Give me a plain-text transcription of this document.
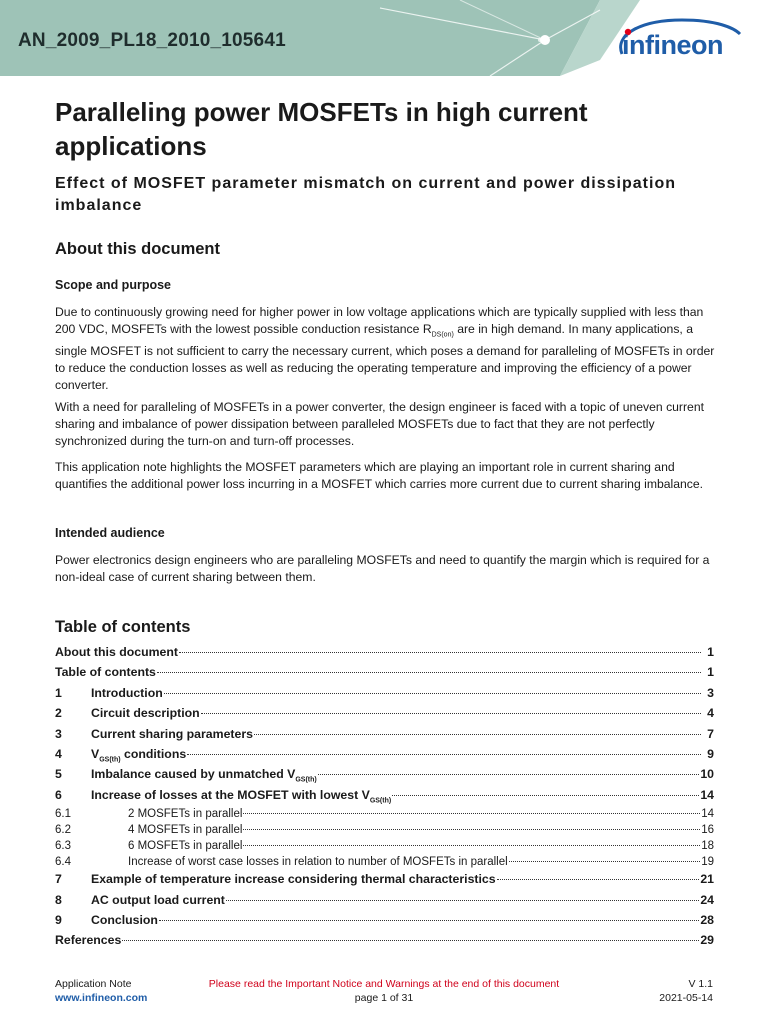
AN_2009_PL18_2010_105641	infineon
Paralleling power MOSFETs in high current applications
Effect of MOSFET parameter mismatch on current and power dissipation imbalance
About this document
Scope and purpose
Due to continuously growing need for higher power in low voltage applications which are typically supplied with less than 200 VDC, MOSFETs with the lowest possible conduction resistance $R_{DS(on)}$ are in high demand. In many applications, a single MOSFET is not sufficient to carry the necessary current, which poses a demand for paralleling of MOSFETs in order to reduce the conduction losses as well as reducing the operating temperature and improving the efficiency of a power converter.
With a need for paralleling of MOSFETs in a power converter, the design engineer is faced with a topic of uneven current sharing and imbalance of power dissipation between paralleled MOSFETs due to fact that they are not perfectly synchronized during the turn-on and turn-off processes.
This application note highlights the MOSFET parameters which are playing an important role in current sharing and quantifies the additional power loss incurring in a MOSFET which carries more current due to current sharing imbalance.
Intended audience
Power electronics design engineers who are paralleling MOSFETs and need to quantify the margin which is required for a non-ideal case of current sharing between them.
Table of contents
About this document	1
Table of contents	1
1	Introduction	3
2	Circuit description	4
3	Current sharing parameters	7
4	$V_{GS(th)}$ conditions	9
5	Imbalance caused by unmatched $V_{GS(th)}$	10
6	Increase of losses at the MOSFET with lowest $V_{GS(th)}$	14
6.1	2 MOSFETs in parallel	14
6.2	4 MOSFETs in parallel	16
6.3	6 MOSFETs in parallel	18
6.4	Increase of worst case losses in relation to number of MOSFETs in parallel	19
7	Example of temperature increase considering thermal characteristics	21
8	AC output load current	24
9	Conclusion	28
References	29
Application Note
www.infineon.com
Please read the Important Notice and Warnings at the end of this document
page 1 of 31
V 1.1
2021-05-14
